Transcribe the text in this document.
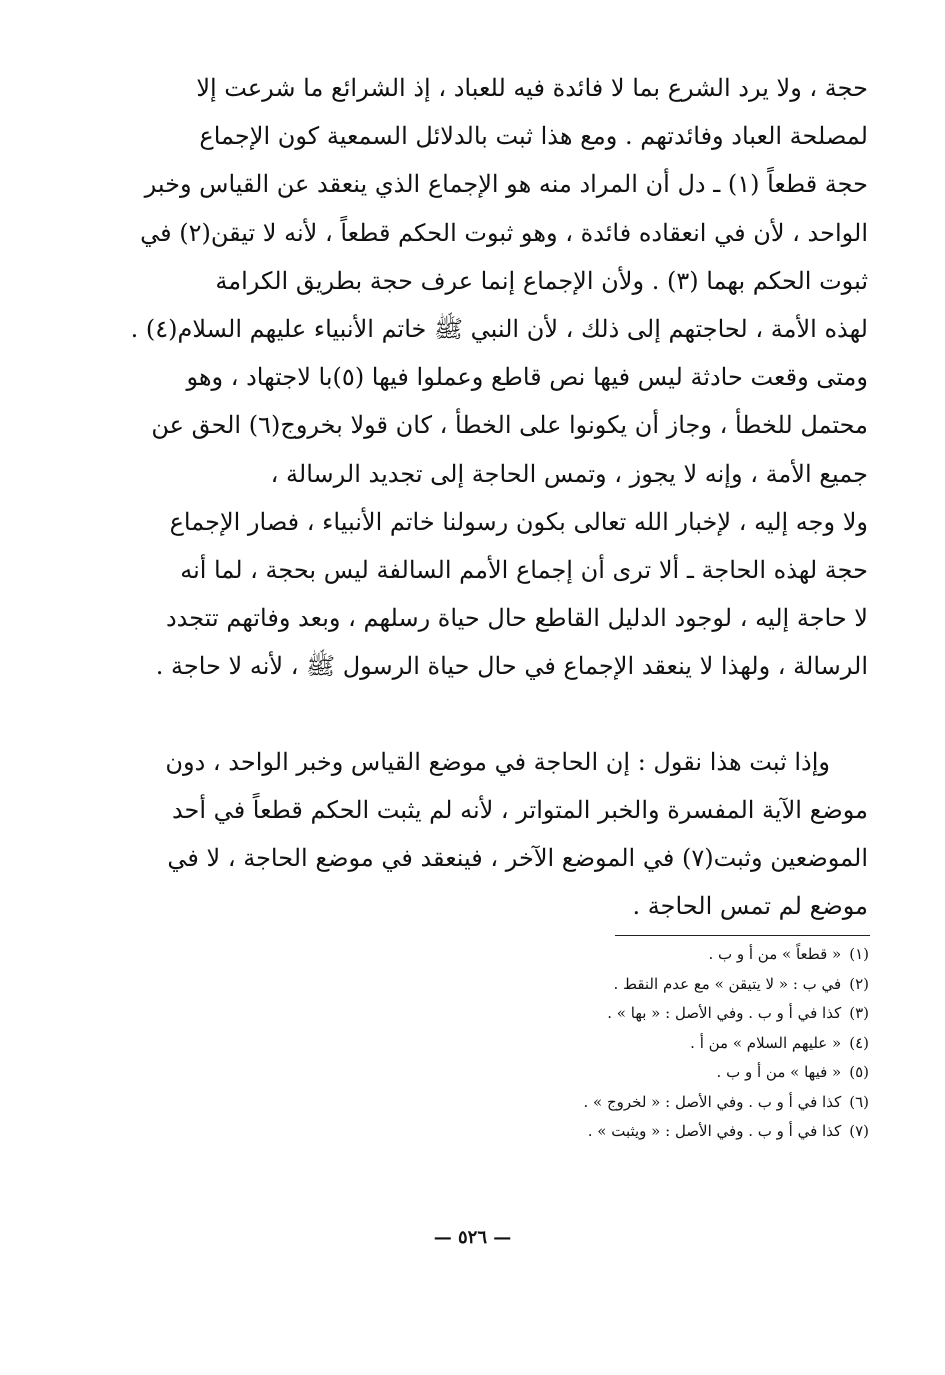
حجة ، ولا يرد الشرع بما لا فائدة فيه للعباد ، إذ الشرائع ما شرعت إلا
لمصلحة العباد وفائدتهم . ومع هذا ثبت بالدلائل السمعية كون الإجماع
حجة قطعاً (١) ـ دل أن المراد منه هو الإجماع الذي ينعقد عن القياس وخبر
الواحد ، لأن في انعقاده فائدة ، وهو ثبوت الحكم قطعاً ، لأنه لا تيقن(٢) في
ثبوت الحكم بهما (٣) . ولأن الإجماع إنما عرف حجة بطريق الكرامة
لهذه الأمة ، لحاجتهم إلى ذلك ، لأن النبي ﷺ خاتم الأنبياء عليهم السلام(٤) .
ومتى وقعت حادثة ليس فيها نص قاطع وعملوا فيها (٥)با لاجتهاد ، وهو
محتمل للخطأ ، وجاز أن يكونوا على الخطأ ، كان قولا بخروج(٦) الحق عن
جميع الأمة ، وإنه لا يجوز ، وتمس الحاجة إلى تجديد الرسالة ،
ولا وجه إليه ، لإخبار الله تعالى بكون رسولنا خاتم الأنبياء ، فصار الإجماع
حجة لهذه الحاجة ـ ألا ترى أن إجماع الأمم السالفة ليس بحجة ، لما أنه
لا حاجة إليه ، لوجود الدليل القاطع حال حياة رسلهم ، وبعد وفاتهم تتجدد
الرسالة ، ولهذا لا ينعقد الإجماع في حال حياة الرسول ﷺ ، لأنه لا حاجة .
وإذا ثبت هذا نقول : إن الحاجة في موضع القياس وخبر الواحد ، دون
موضع الآية المفسرة والخبر المتواتر ، لأنه لم يثبت الحكم قطعاً في أحد
الموضعين وثبت(٧) في الموضع الآخر ، فينعقد في موضع الحاجة ، لا في
موضع لم تمس الحاجة .
(١)« قطعاً » من أ و ب .
(٢)في ب : « لا يتيقن » مع عدم النقط .
(٣)كذا في أ و ب . وفي الأصل : « بها » .
(٤)« عليهم السلام » من أ .
(٥)« فيها » من أ و ب .
(٦)كذا في أ و ب . وفي الأصل : « لخروج » .
(٧)كذا في أ و ب . وفي الأصل : « ويثبت » .
— ٥٢٦ —
